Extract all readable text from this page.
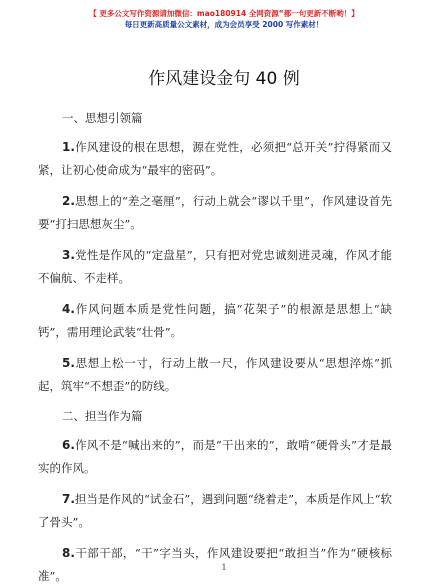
【 更多公文写作资源请加微信：mao180914 全网资源“都一句更新不断哟！】
每日更新高质量公文素材，成为会员享受 2000 写作素材！
作风建设金句 40 例
一、思想引领篇

1.作风建设的根在思想，源在党性，必须把“总开关”拧得紧而又紧，让初心使命成为“最牢的密码”。

2.思想上的“差之毫厘”，行动上就会“谬以千里”，作风建设首先要“打扫思想灰尘”。

3.党性是作风的“定盘星”，只有把对党忠诚刻进灵魂，作风才能不偏航、不走样。

4.作风问题本质是党性问题，搞“花架子”的根源是思想上“缺钙”，需用理论武装“壮骨”。

5.思想上松一寸，行动上散一尺，作风建设要从“思想淬炼”抓起，筑牢“不想歪”的防线。

二、担当作为篇

6.作风不是“喊出来的”，而是“干出来的”，敢啃“硬骨头”才是最实的作风。

7.担当是作风的“试金石”，遇到问题“绕着走”，本质是作风上“软了骨头”。

8.干部干部，“干”字当头，作风建设要把“敢担当”作为“硬核标准”。

1
